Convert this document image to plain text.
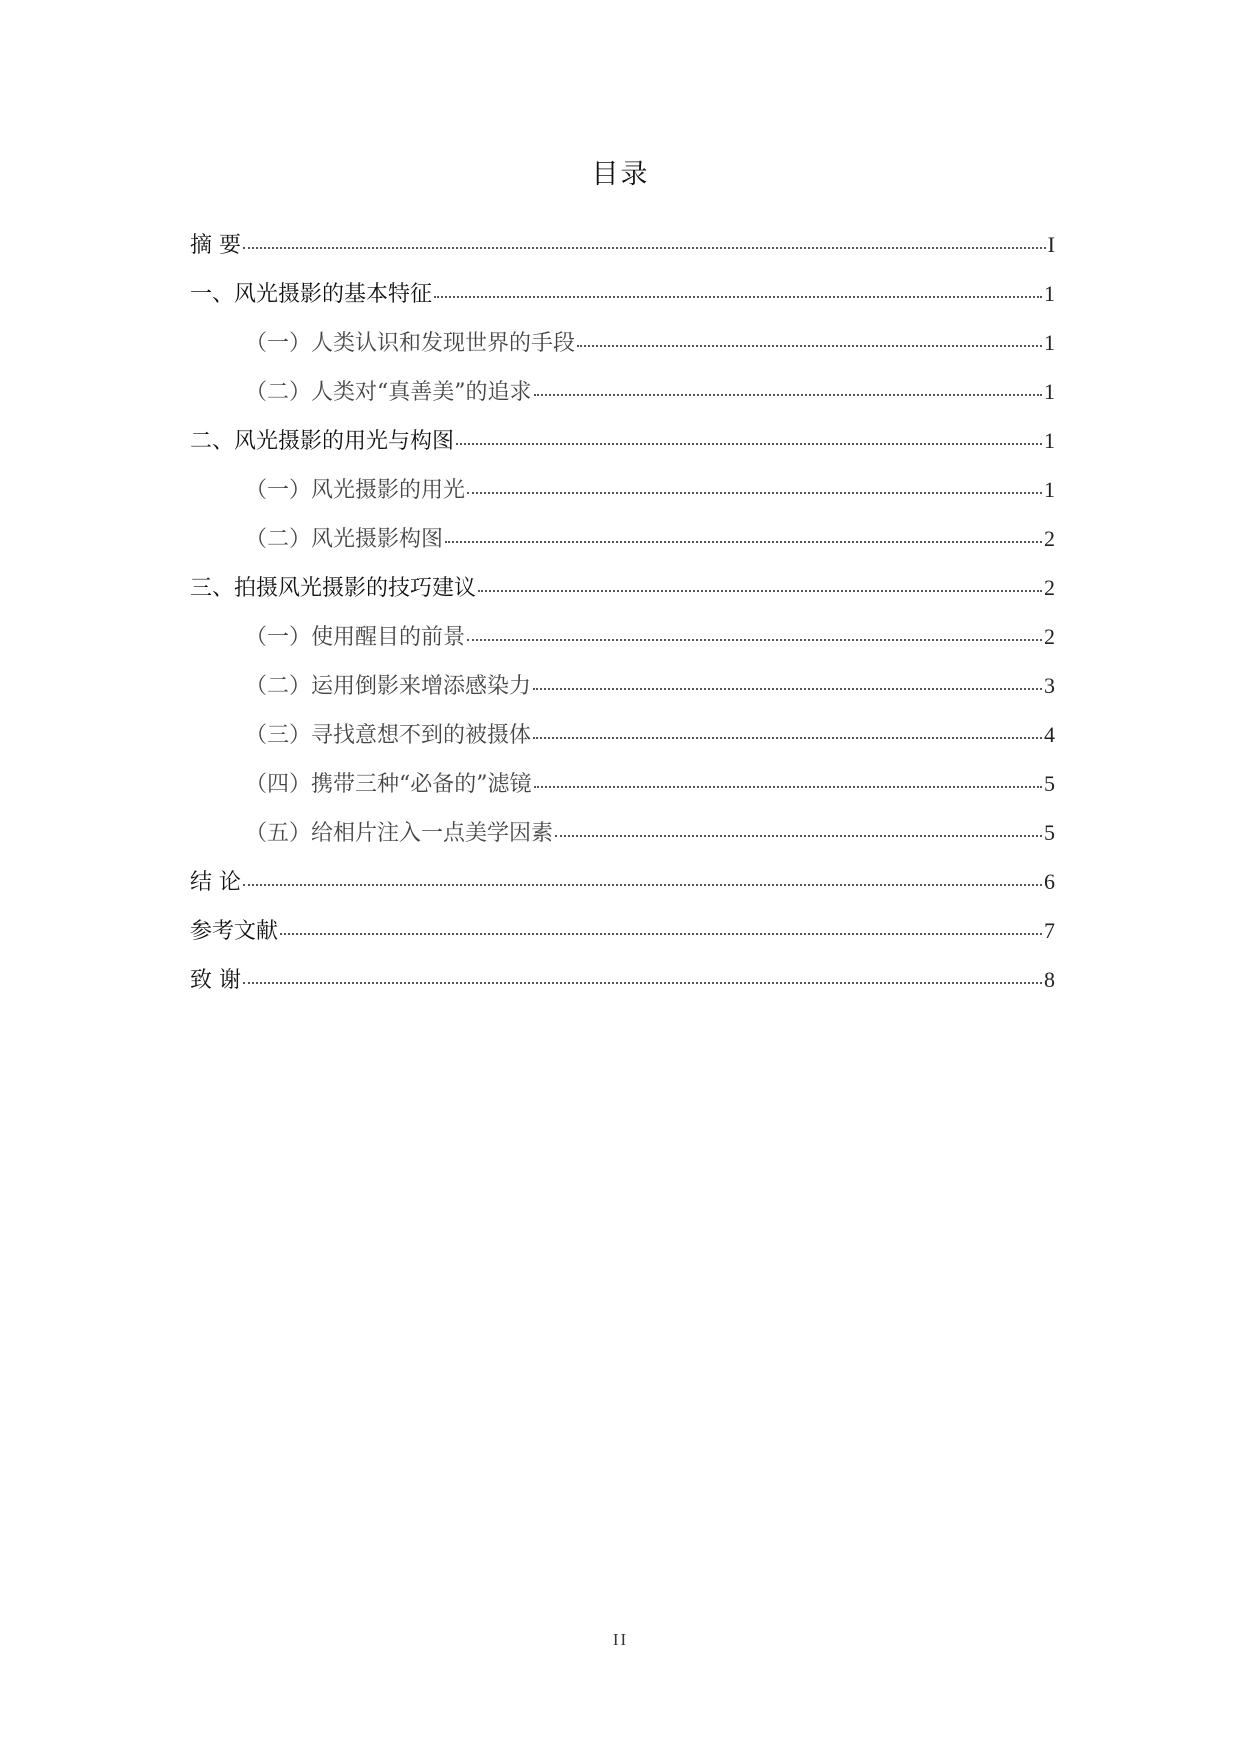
目录
摘 要	I
一、风光摄影的基本特征	1
（一）人类认识和发现世界的手段	1
（二）人类对“真善美”的追求	1
二、风光摄影的用光与构图	1
（一）风光摄影的用光	1
（二）风光摄影构图	2
三、拍摄风光摄影的技巧建议	2
（一）使用醒目的前景	2
（二）运用倒影来增添感染力	3
（三）寻找意想不到的被摄体	4
（四）携带三种“必备的”滤镜	5
（五）给相片注入一点美学因素	5
结 论	6
参考文献	7
致 谢	8
II
